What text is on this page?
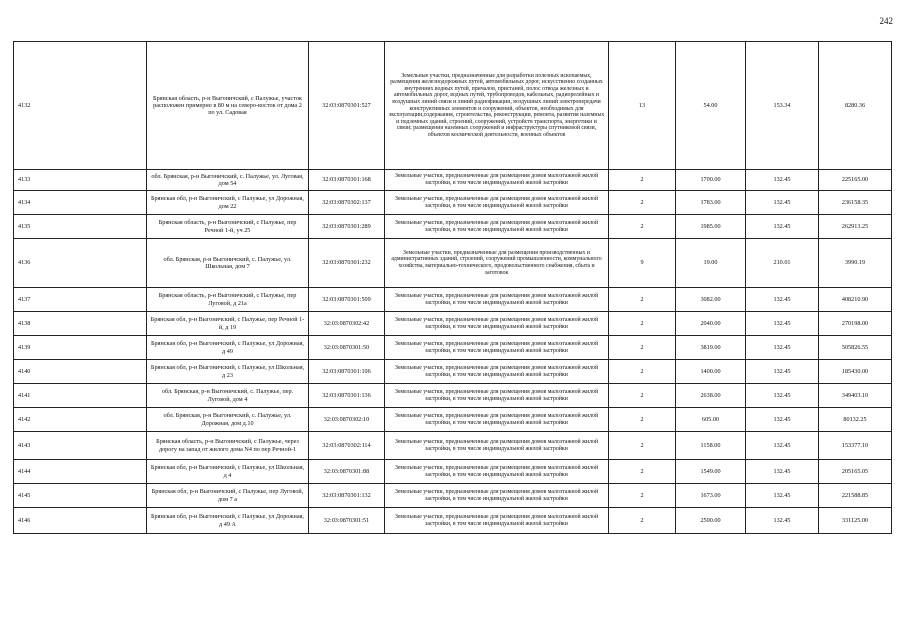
242
4132	Брянская область, р-н Выгоничский, с Палужье, участок расположен примерно в 80 м на северо-восток от дома 2 по ул. Садовая	32:03:0870301:527	Земельные участки, предназначенные для разработки полезных ископаемых, размещения железнодорожных путей, автомобильных дорог, искусственно созданных внутренних водных путей, причалов, пристаней, полос отвода железных и автомобильных дорог, водных путей, трубопроводов, кабельных, радиорелейных и воздушных линий связи и линий радиофикации, воздушных линий электропередачи конструктивных элементов и сооружений, объектов, необходимых для эксплуатации,содержания, строительства, реконструкции, ремонта, развития наземных и подземных зданий, строений, сооружений, устройств транспорта, энергетики и связи; размещения наземных сооружений и инфраструктуры спутниковой связи, объектов космической деятельности, военных объектов	13	54.00	153.34	8280.36
4133	обл. Брянская, р-н Выгоничский, с. Палужье, ул. Луговая, дом 54	32:03:0870301:168	Земельные участки, предназначенные для размещения домов малоэтажной жилой застройки, в том числе индивидуальной жилой застройки	2	1700.00	132.45	225165.00
4134	Брянская обл, р-н Выгоничский, с Палужье, ул Дорожная, дом 22	32:03:0870302:137	Земельные участки, предназначенные для размещения домов малоэтажной жилой застройки, в том числе индивидуальной жилой застройки	2	1783.00	132.45	236158.35
4135	Брянская область, р-н Выгоничский, с Палужье, пер Речной 1-й, уч 25	32:03:0870301:289	Земельные участки, предназначенные для размещения домов малоэтажной жилой застройки, в том числе индивидуальной жилой застройки	2	1985.00	132.45	262913.25
4136	обл. Брянская, р-н Выгоничский, с. Палужье, ул. Школьная, дом 7	32:03:0870301:232	Земельные участки, предназначенные для размещения производственных и административных зданий, строений, сооружений промышленности, коммунального хозяйства, материально-технического, продовольственного снабжения, сбыта и заготовок	9	19.00	210.01	3990.19
4137	Брянская область, р-н Выгоничский, с Палужье, пер Луговой, д 21а	32:03:0870301:509	Земельные участки, предназначенные для размещения домов малоэтажной жилой застройки, в том числе индивидуальной жилой застройки	2	3082.00	132.45	408210.90
4138	Брянская обл, р-н Выгоничский, с Палужье, пер Речной 1-й, д 19	32:03:0870302:42	Земельные участки, предназначенные для размещения домов малоэтажной жилой застройки, в том числе индивидуальной жилой застройки	2	2040.00	132.45	270198.00
4139	Брянская обл, р-н Выгоничский, с Палужье, ул Дорожная, д 49	32:03:0870301:50	Земельные участки, предназначенные для размещения домов малоэтажной жилой застройки, в том числе индивидуальной жилой застройки	2	3819.00	132.45	505826.55
4140	Брянская обл, р-н Выгоничский, с Палужье, ул Школьная, д 23	32:03:0870301:106	Земельные участки, предназначенные для размещения домов малоэтажной жилой застройки, в том числе индивидуальной жилой застройки	2	1400.00	132.45	185430.00
4141	обл. Брянская, р-н Выгоничский, с. Палужье, пер. Луговой, дом 4	32:03:0870301:136	Земельные участки, предназначенные для размещения домов малоэтажной жилой застройки, в том числе индивидуальной жилой застройки	2	2638.00	132.45	349403.10
4142	обл. Брянская, р-н Выгоничский, с. Палужье, ул. Дорожная, дом д.10	32:03:0870302:10	Земельные участки, предназначенные для размещения домов малоэтажной жилой застройки, в том числе индивидуальной жилой застройки	2	605.00	132.45	80132.25
4143	Брянская область, р-н Выгоничский, с Палужье, через дорогу на запад от жилого дома N4 по пер Речной-1	32:03:0870302:114	Земельные участки, предназначенные для размещения домов малоэтажной жилой застройки, в том числе индивидуальной жилой застройки	2	1158.00	132.45	153377.10
4144	Брянская обл, р-н Выгоничский, с Палужье, ул Школьная, д 4	32:03:0870301:88	Земельные участки, предназначенные для размещения домов малоэтажной жилой застройки, в том числе индивидуальной жилой застройки	2	1549.00	132.45	205165.05
4145	Брянская обл, р-н Выгоничский, с Палужье, пер Луговой, дом 7 а	32:03:0870301:132	Земельные участки, предназначенные для размещения домов малоэтажной жилой застройки, в том числе индивидуальной жилой застройки	2	1673.00	132.45	221588.85
4146	Брянская обл, р-н Выгоничский, с Палужье, ул Дорожная, д 49 А	32:03:0870301:51	Земельные участки, предназначенные для размещения домов малоэтажной жилой застройки, в том числе индивидуальной жилой застройки	2	2500.00	132.45	331125.00
